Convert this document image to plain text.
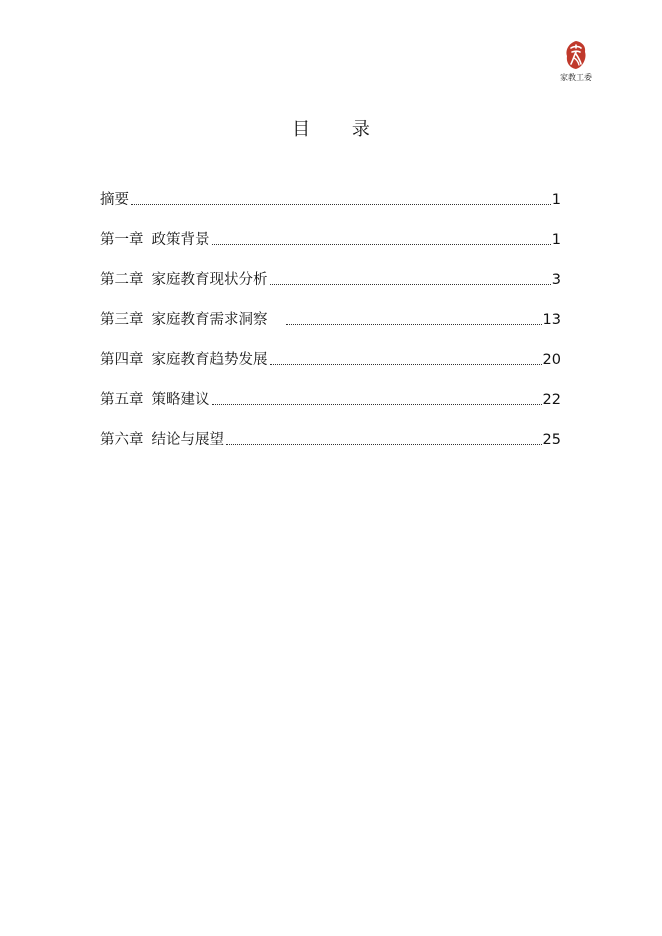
家教工委
目 录
摘要	1
第一章 政策背景	1
第二章 家庭教育现状分析	3
第三章 家庭教育需求洞察	13
第四章 家庭教育趋势发展	20
第五章 策略建议	22
第六章 结论与展望	25
